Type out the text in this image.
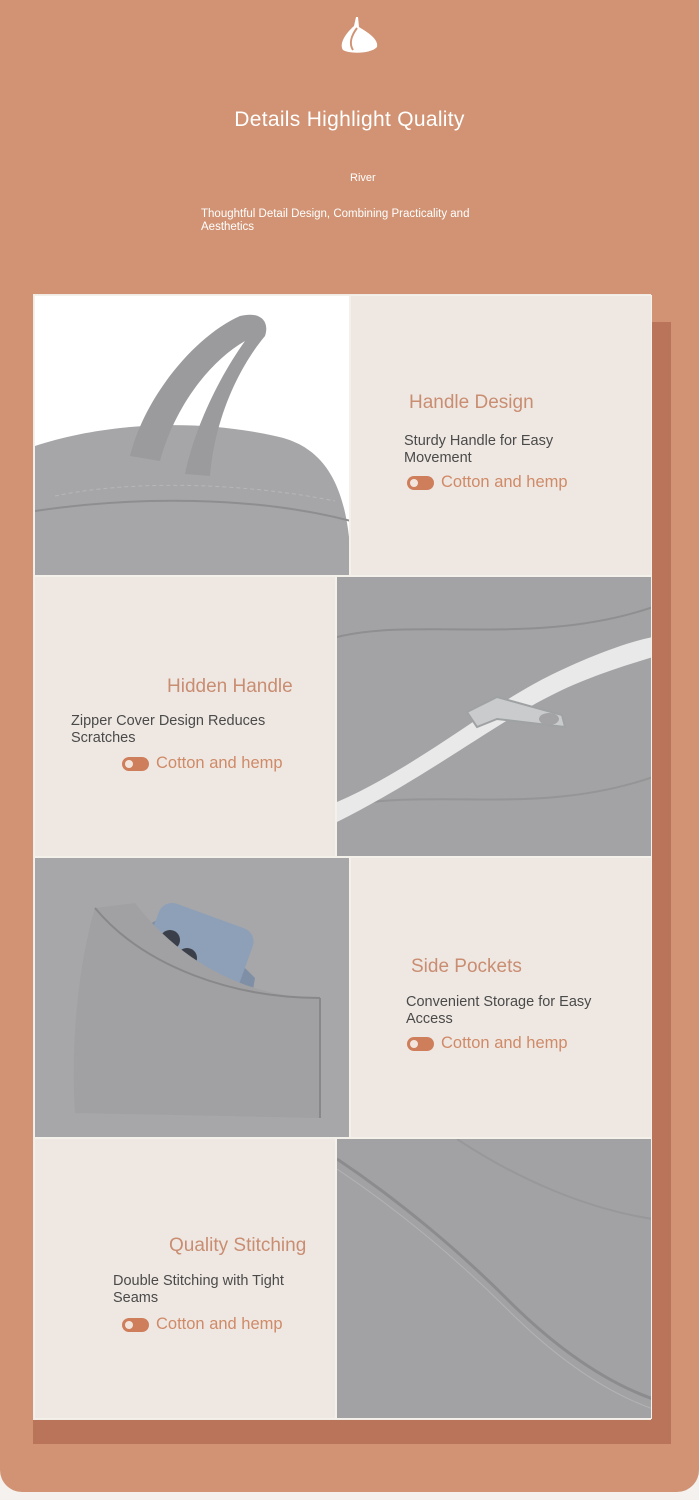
Details Highlight Quality
River
Thoughtful Detail Design, Combining Practicality and Aesthetics
Handle Design
Sturdy Handle for Easy Movement
Cotton and hemp
Hidden Handle
Zipper Cover Design Reduces Scratches
Cotton and hemp
Side Pockets
Convenient Storage for Easy Access
Cotton and hemp
Quality Stitching
Double Stitching with Tight Seams
Cotton and hemp
